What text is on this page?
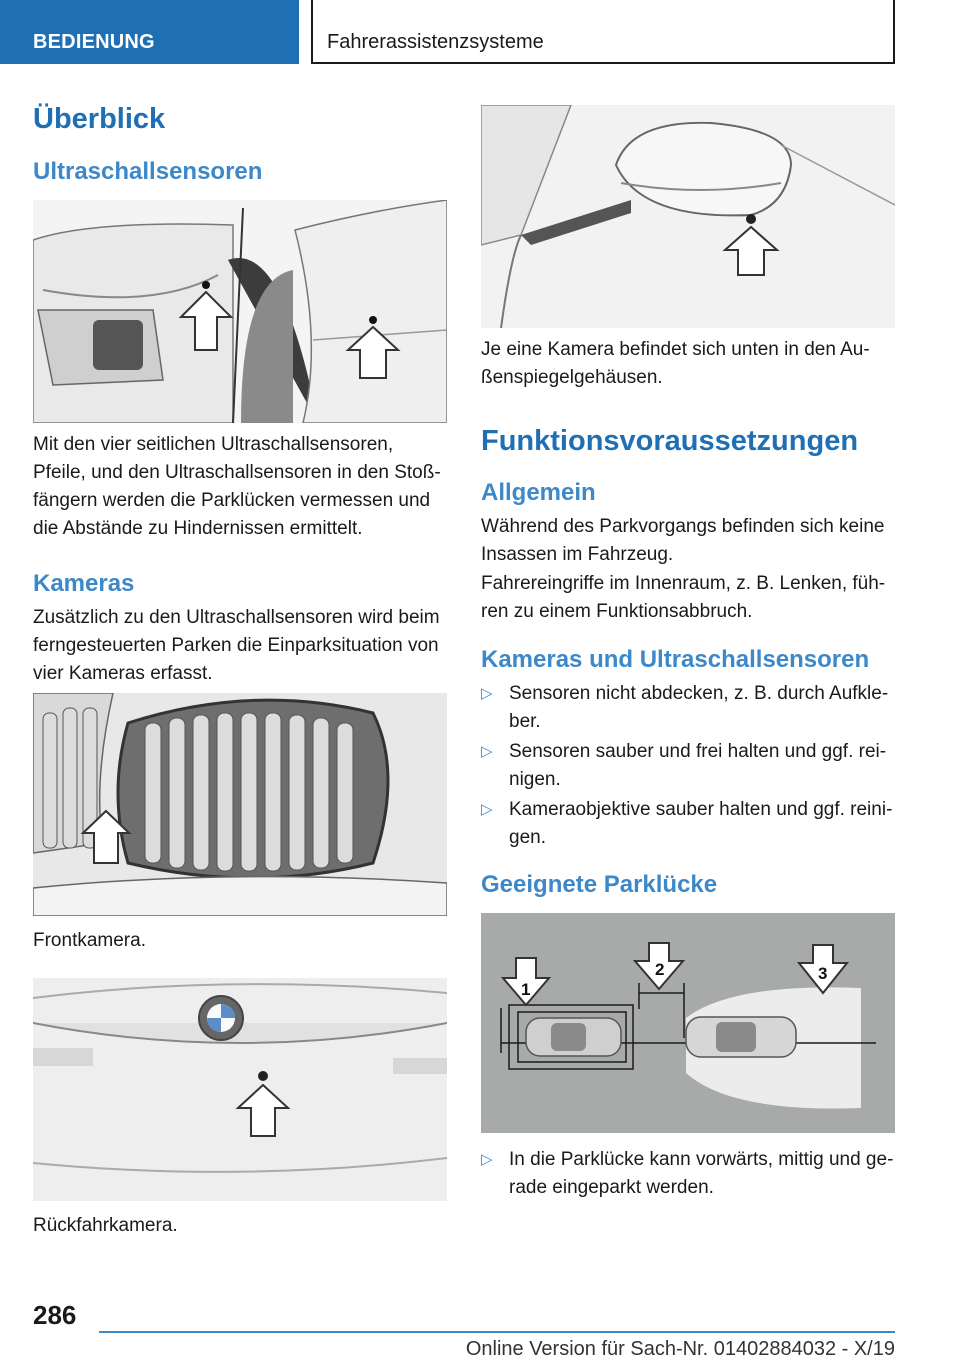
BEDIENUNG	Fahrerassistenzsysteme
Überblick
Ultraschallsensoren

Mit den vier seitlichen Ultraschallsensoren,
Pfeile, und den Ultraschallsensoren in den Stoß-
fängern werden die Parklücken vermessen und
die Abstände zu Hindernissen ermittelt.

Kameras

Zusätzlich zu den Ultraschallsensoren wird beim
ferngesteuerten Parken die Einparksituation von
vier Kameras erfasst.

Frontkamera.
Rückfahrkamera.

Je eine Kamera befindet sich unten in den Au-
ßenspiegelgehäusen.

Funktionsvoraussetzungen
Allgemein

Während des Parkvorgangs befinden sich keine
Insassen im Fahrzeug.

Fahrereingriffe im Innenraum, z. B. Lenken, füh-
ren zu einem Funktionsabbruch.

Kameras und Ultraschallsensoren
▷ Sensoren nicht abdecken, z. B. durch Aufkle-
ber.
▷ Sensoren sauber und frei halten und ggf. rei-
nigen.
▷ Kameraobjektive sauber halten und ggf. reini-
gen.
Geeignete Parklücke
1
2	3
▷ In die Parklücke kann vorwärts, mittig und ge-
rade eingeparkt werden.
286
Online Version für Sach-Nr. 01402884032 - X/19
